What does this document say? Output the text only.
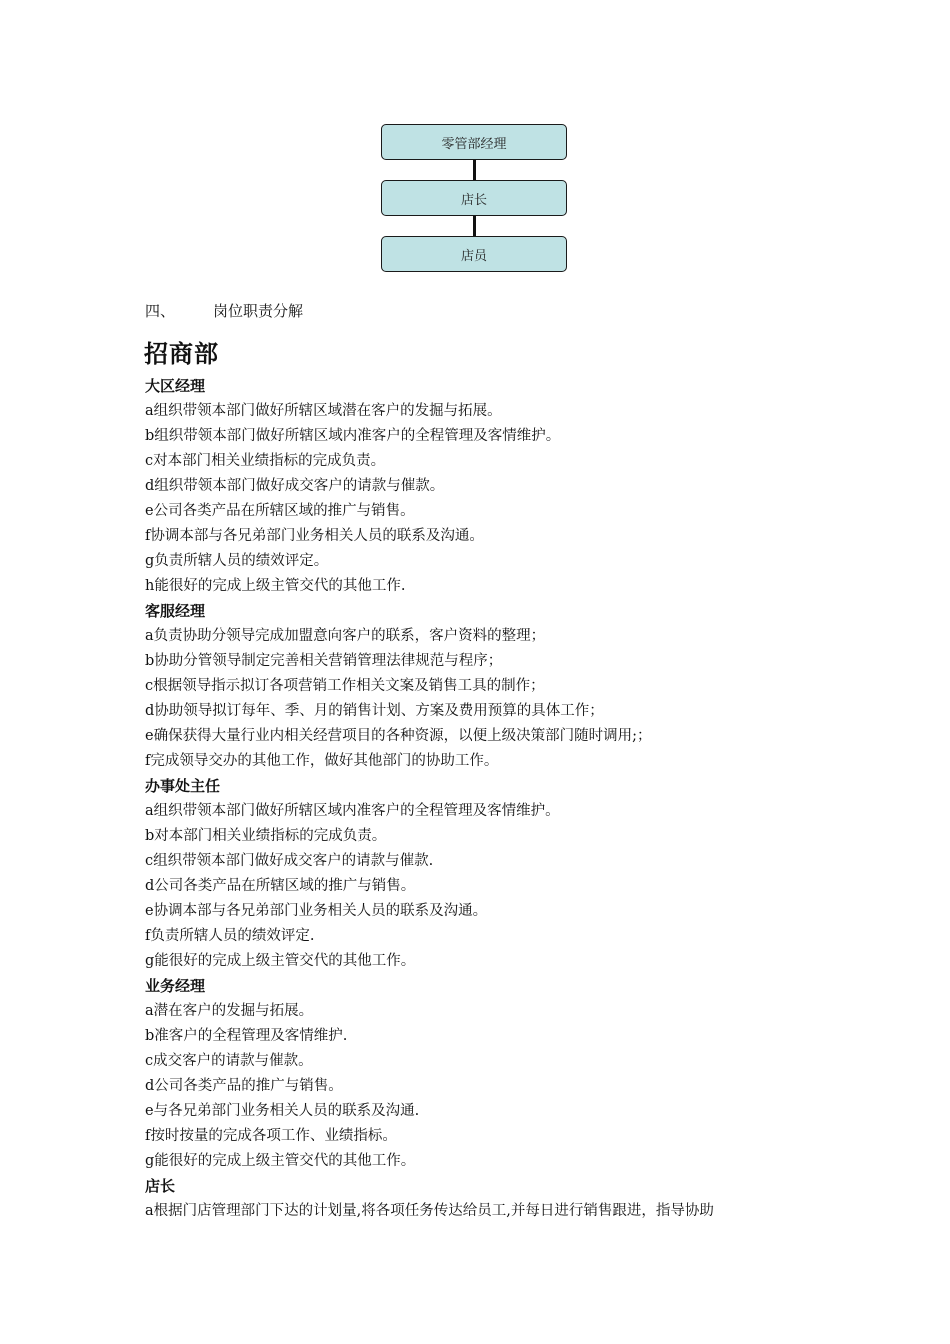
零管部经理
店长
店员
四、	岗位职责分解
招商部
大区经理
a组织带领本部门做好所辖区域潜在客户的发掘与拓展。
b组织带领本部门做好所辖区域内准客户的全程管理及客情维护。
c对本部门相关业绩指标的完成负责。
d组织带领本部门做好成交客户的请款与催款。
e公司各类产品在所辖区域的推广与销售。
f协调本部与各兄弟部门业务相关人员的联系及沟通。
g负责所辖人员的绩效评定。
h能很好的完成上级主管交代的其他工作.
客服经理
a负责协助分领导完成加盟意向客户的联系，客户资料的整理；
b协助分管领导制定完善相关营销管理法律规范与程序；
c根据领导指示拟订各项营销工作相关文案及销售工具的制作；
d协助领导拟订每年、季、月的销售计划、方案及费用预算的具体工作；
e确保获得大量行业内相关经营项目的各种资源，以便上级决策部门随时调用;；
f完成领导交办的其他工作，做好其他部门的协助工作。
办事处主任
a组织带领本部门做好所辖区域内准客户的全程管理及客情维护。
b对本部门相关业绩指标的完成负责。
c组织带领本部门做好成交客户的请款与催款.
d公司各类产品在所辖区域的推广与销售。
e协调本部与各兄弟部门业务相关人员的联系及沟通。
f负责所辖人员的绩效评定.
g能很好的完成上级主管交代的其他工作。
业务经理
a潜在客户的发掘与拓展。
b准客户的全程管理及客情维护.
c成交客户的请款与催款。
d公司各类产品的推广与销售。
e与各兄弟部门业务相关人员的联系及沟通.
f按时按量的完成各项工作、业绩指标。
g能很好的完成上级主管交代的其他工作。
店长
a根据门店管理部门下达的计划量,将各项任务传达给员工,并每日进行销售跟进，指导协助
